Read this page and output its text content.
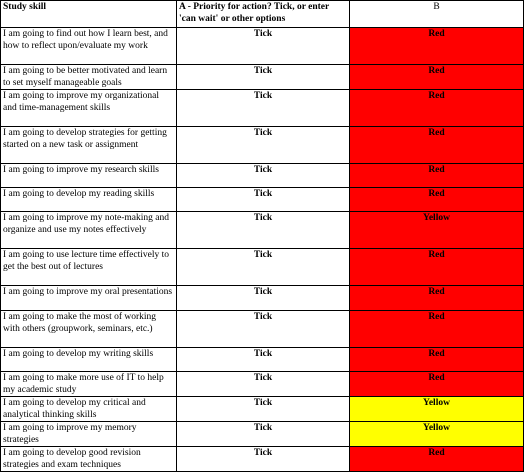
Study skill	A - Priority for action? Tick, or enter 'can wait' or other options	B
I am going to find out how I learn best, and how to reflect upon/evaluate my work	Tick	Red
I am going to be better motivated and learn to set myself manageable goals	Tick	Red
I am going to improve my organizational and time-management skills	Tick	Red
I am going to develop strategies for getting started on a new task or assignment	Tick	Red
I am going to improve my research skills	Tick	Red
I am going to develop my reading skills	Tick	Red
I am going to improve my note-making and organize and use my notes effectively	Tick	Yellow
I am going to use lecture time effectively to get the best out of lectures	Tick	Red
I am going to improve my oral presentations	Tick	Red
I am going to make the most of working with others (groupwork, seminars, etc.)	Tick	Red
I am going to develop my writing skills	Tick	Red
I am going to make more use of IT to help my academic study	Tick	Red
I am going to develop my critical and analytical thinking skills	Tick	Yellow
I am going to improve my memory strategies	Tick	Yellow
I am going to develop good revision strategies and exam techniques	Tick	Red
